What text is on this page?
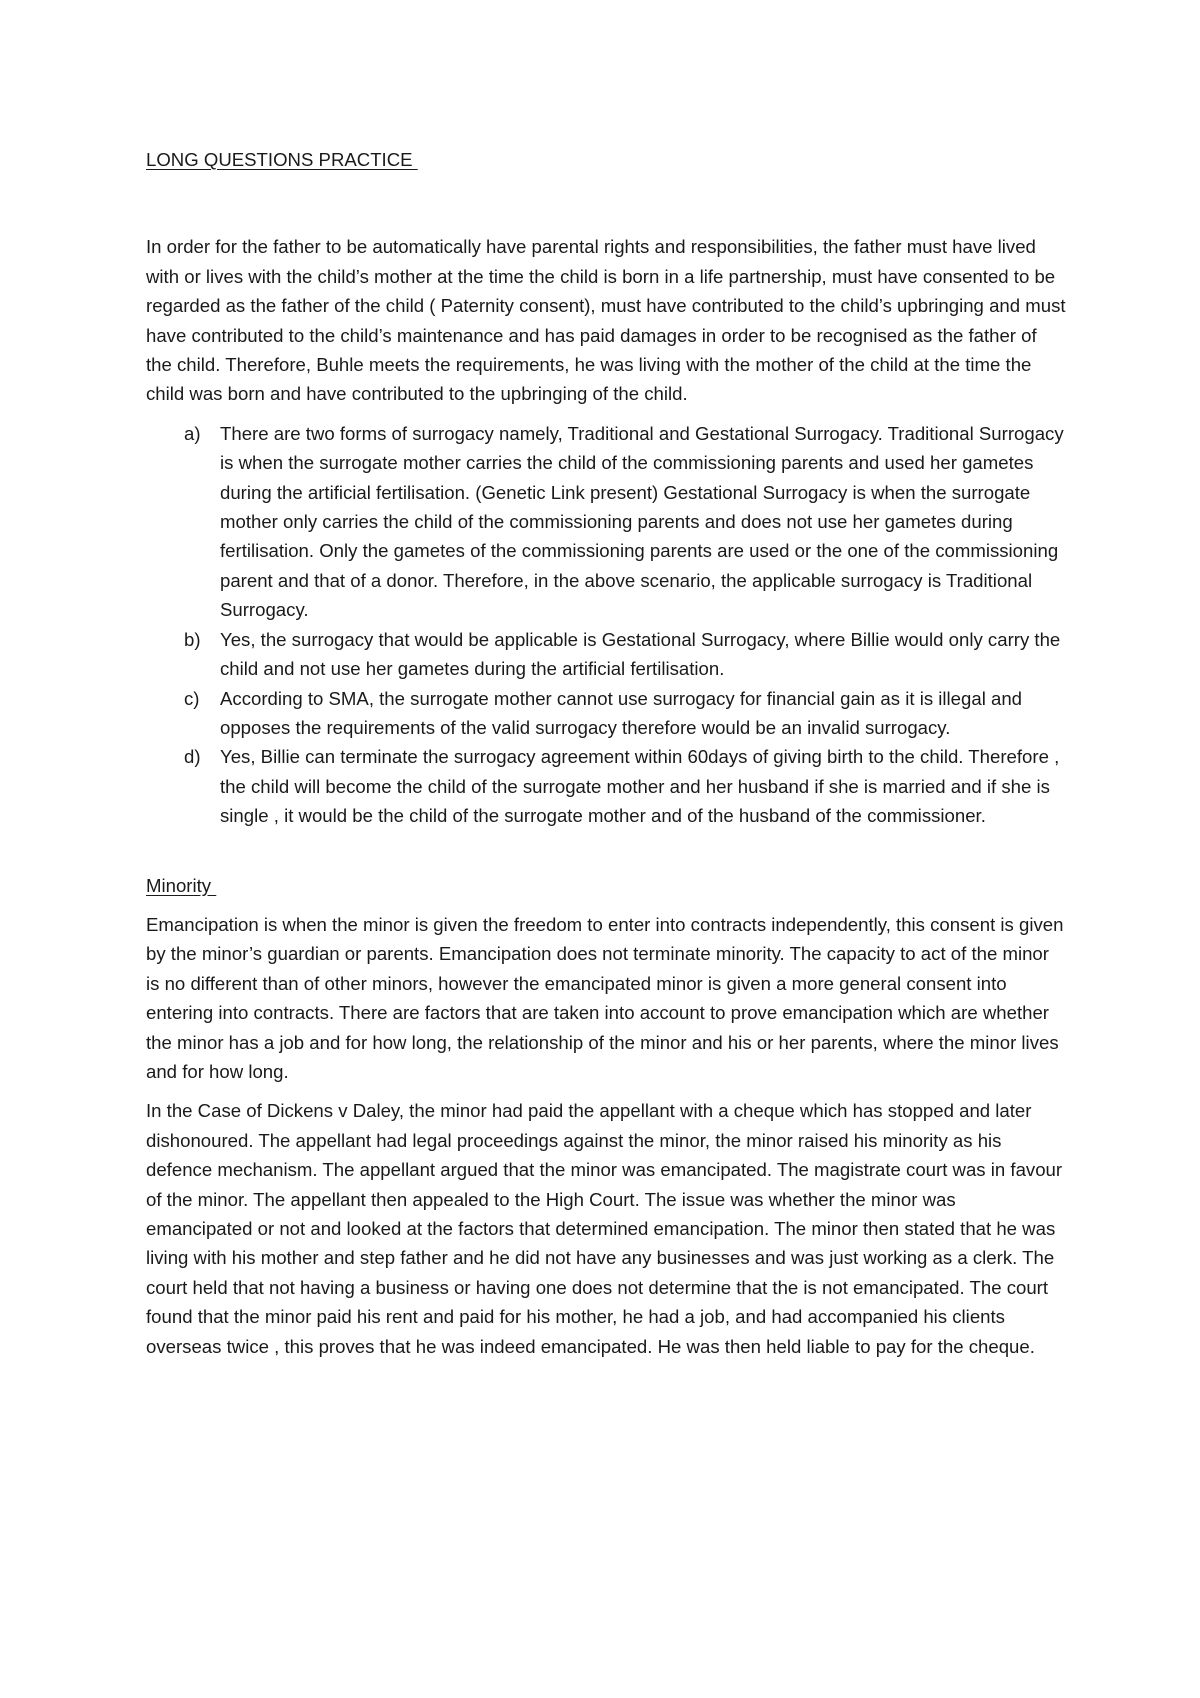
LONG QUESTIONS PRACTICE

In order for the father to be automatically have parental rights and responsibilities, the father must have lived with or lives with the child’s mother at the time the child is born in a life partnership, must have consented to be regarded as the father of the child ( Paternity consent), must have contributed to the child’s upbringing and must have contributed to the child’s maintenance and has paid damages in order to be recognised as the father of the child. Therefore, Buhle meets the requirements, he was living with the mother of the child at the time the child was born and have contributed to the upbringing of the child.

a) There are two forms of surrogacy namely, Traditional and Gestational Surrogacy. Traditional Surrogacy is when the surrogate mother carries the child of the commissioning parents and used her gametes during the artificial fertilisation. (Genetic Link present) Gestational Surrogacy is when the surrogate mother only carries the child of the commissioning parents and does not use her gametes during fertilisation. Only the gametes of the commissioning parents are used or the one of the commissioning parent and that of a donor. Therefore, in the above scenario, the applicable surrogacy is Traditional Surrogacy.
b) Yes, the surrogacy that would be applicable is Gestational Surrogacy, where Billie would only carry the child and not use her gametes during the artificial fertilisation.
c) According to SMA, the surrogate mother cannot use surrogacy for financial gain as it is illegal and opposes the requirements of the valid surrogacy therefore would be an invalid surrogacy.
d) Yes, Billie can terminate the surrogacy agreement within 60days of giving birth to the child. Therefore , the child will become the child of the surrogate mother and her husband if she is married and if she is single , it would be the child of the surrogate mother and of the husband of the commissioner.
Minority

Emancipation is when the minor is given the freedom to enter into contracts independently, this consent is given by the minor’s guardian or parents. Emancipation does not terminate minority. The capacity to act of the minor is no different than of other minors, however the emancipated minor is given a more general consent into entering into contracts. There are factors that are taken into account to prove emancipation which are whether the minor has a job and for how long, the relationship of the minor and his or her parents, where the minor lives and for how long.

In the Case of Dickens v Daley, the minor had paid the appellant with a cheque which has stopped and later dishonoured. The appellant had legal proceedings against the minor, the minor raised his minority as his defence mechanism. The appellant argued that the minor was emancipated. The magistrate court was in favour of the minor. The appellant then appealed to the High Court. The issue was whether the minor was emancipated or not and looked at the factors that determined emancipation. The minor then stated that he was living with his mother and step father and he did not have any businesses and was just working as a clerk. The court held that not having a business or having one does not determine that the is not emancipated. The court found that the minor paid his rent and paid for his mother, he had a job, and had accompanied his clients overseas twice , this proves that he was indeed emancipated. He was then held liable to pay for the cheque.
